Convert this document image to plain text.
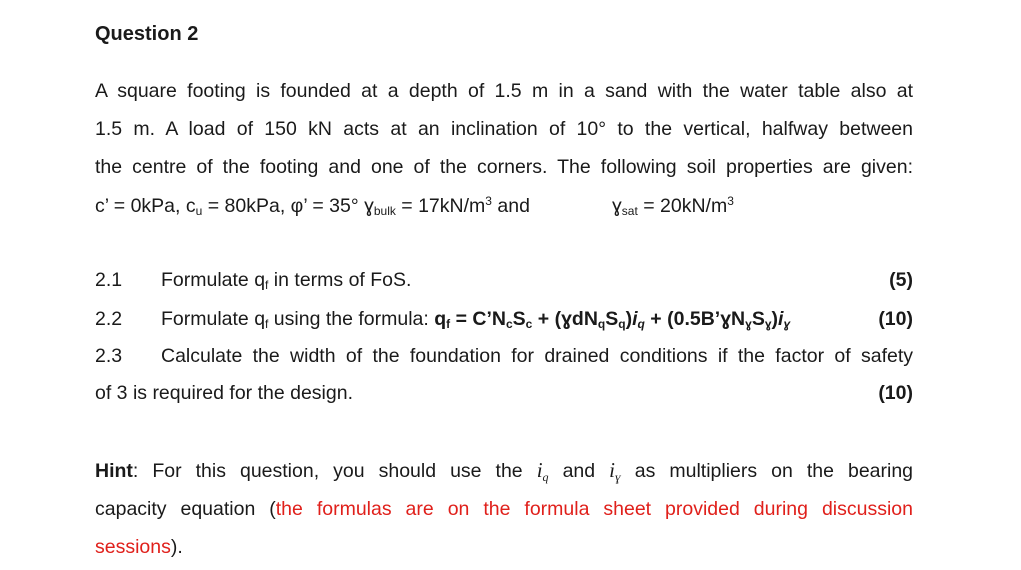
Question 2
A square footing is founded at a depth of 1.5 m in a sand with the water table also at
1.5 m. A load of 150 kN acts at an inclination of 10° to the vertical, halfway between
the centre of the footing and one of the corners. The following soil properties are given:
c’ = 0kPa, $c_u = 80kPa$, φ’ = 35° ɣ$_{bulk}$ = $17kN/m^3$ and	ɣ$_{sat}$ = $20kN/m^3$
2.1 Formulate $q_f$ in terms of FoS.	(5)
2.2 Formulate $q_f$ using the formula: $q_f$ = $C’N_cS_c$ + $(ɣdN_qS_q)i_q$ + $(0.5B’ɣN_ɣS_ɣ)i_ɣ$	(10)
2.3 Calculate the width of the foundation for drained conditions if the factor of safety
of 3 is required for the design.	(10)
Hint: For this question, you should use the iq and iɣ as multipliers on the bearing
capacity equation (the formulas are on the formula sheet provided during discussion
sessions).
